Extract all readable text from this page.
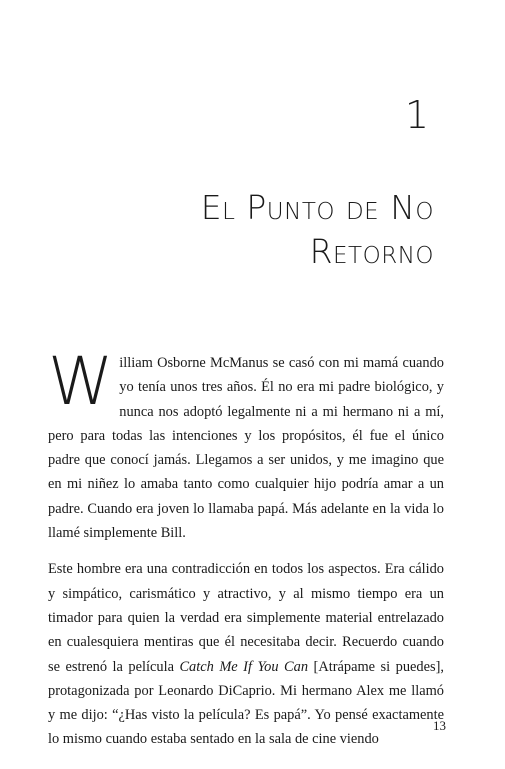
1
El Punto de No
Retorno

William Osborne McManus se casó con mi mamá cuando yo tenía unos tres años. Él no era mi padre biológico, y nunca nos adoptó legalmente ni a mi hermano ni a mí, pero para todas las intenciones y los propósitos, él fue el único padre que conocí jamás. Llegamos a ser unidos, y me imagino que en mi niñez lo amaba tanto como cualquier hijo podría amar a un padre. Cuando era joven lo llamaba papá. Más adelante en la vida lo llamé simplemente Bill.

Este hombre era una contradicción en todos los aspectos. Era cálido y simpático, carismático y atractivo, y al mismo tiempo era un timador para quien la verdad era simplemente material entrelazado en cualesquiera mentiras que él necesitaba decir. Recuerdo cuando se estrenó la película Catch Me If You Can [Atrápame si puedes], protagonizada por Leonardo DiCaprio. Mi hermano Alex me llamó y me dijo: “¿Has visto la película? Es papá”. Yo pensé exactamente lo mismo cuando estaba sentado en la sala de cine viendo

13
